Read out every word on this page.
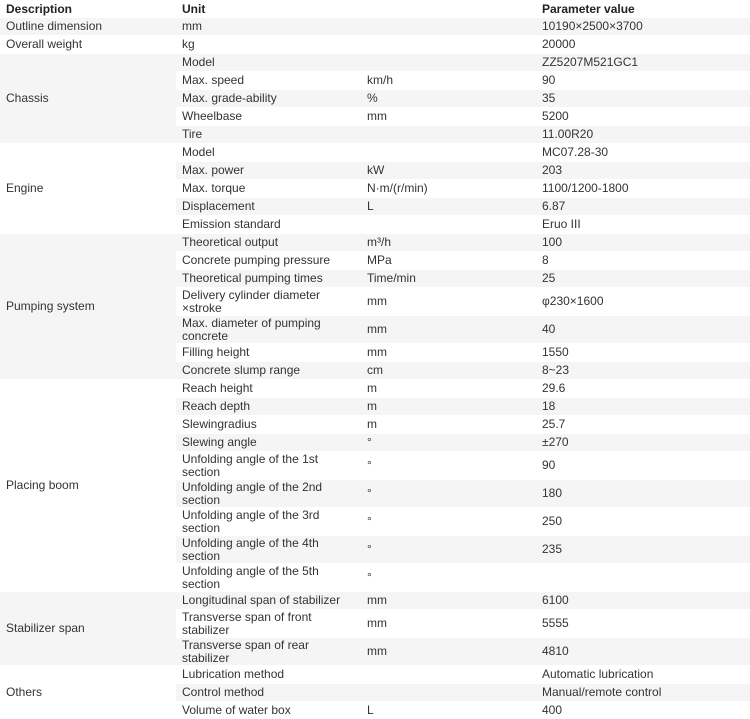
Description	Unit		Parameter value
Outline dimension	mm		10190×2500×3700
Overall weight	kg		20000
Chassis	Model		ZZ5207M521GC1
	Max. speed	km/h	90
	Max. grade-ability	%	35
	Wheelbase	mm	5200
	Tire		11.00R20
Engine	Model		MC07.28-30
	Max. power	kW	203
	Max. torque	N·m/(r/min)	1100/1200-1800
	Displacement	L	6.87
	Emission standard		Eruo III
Pumping system	Theoretical output	m³/h	100
	Concrete pumping pressure	MPa	8
	Theoretical pumping times	Time/min	25
	Delivery cylinder diameter ×stroke	mm	φ230×1600
	Max. diameter of pumping concrete	mm	40
	Filling height	mm	1550
	Concrete slump range	cm	8~23
Placing boom	Reach height	m	29.6
	Reach depth	m	18
	Slewingradius	m	25.7
	Slewing angle	°	±270
	Unfolding angle of the 1st section	°	90
	Unfolding angle of the 2nd section	°	180
	Unfolding angle of the 3rd section	°	250
	Unfolding angle of the 4th section	°	235
	Unfolding angle of the 5th section	°	
Stabilizer span	Longitudinal span of stabilizer	mm	6100
	Transverse span of front stabilizer	mm	5555
	Transverse span of rear stabilizer	mm	4810
Others	Lubrication method		Automatic lubrication
	Control method		Manual/remote control
	Volume of water box	L	400
